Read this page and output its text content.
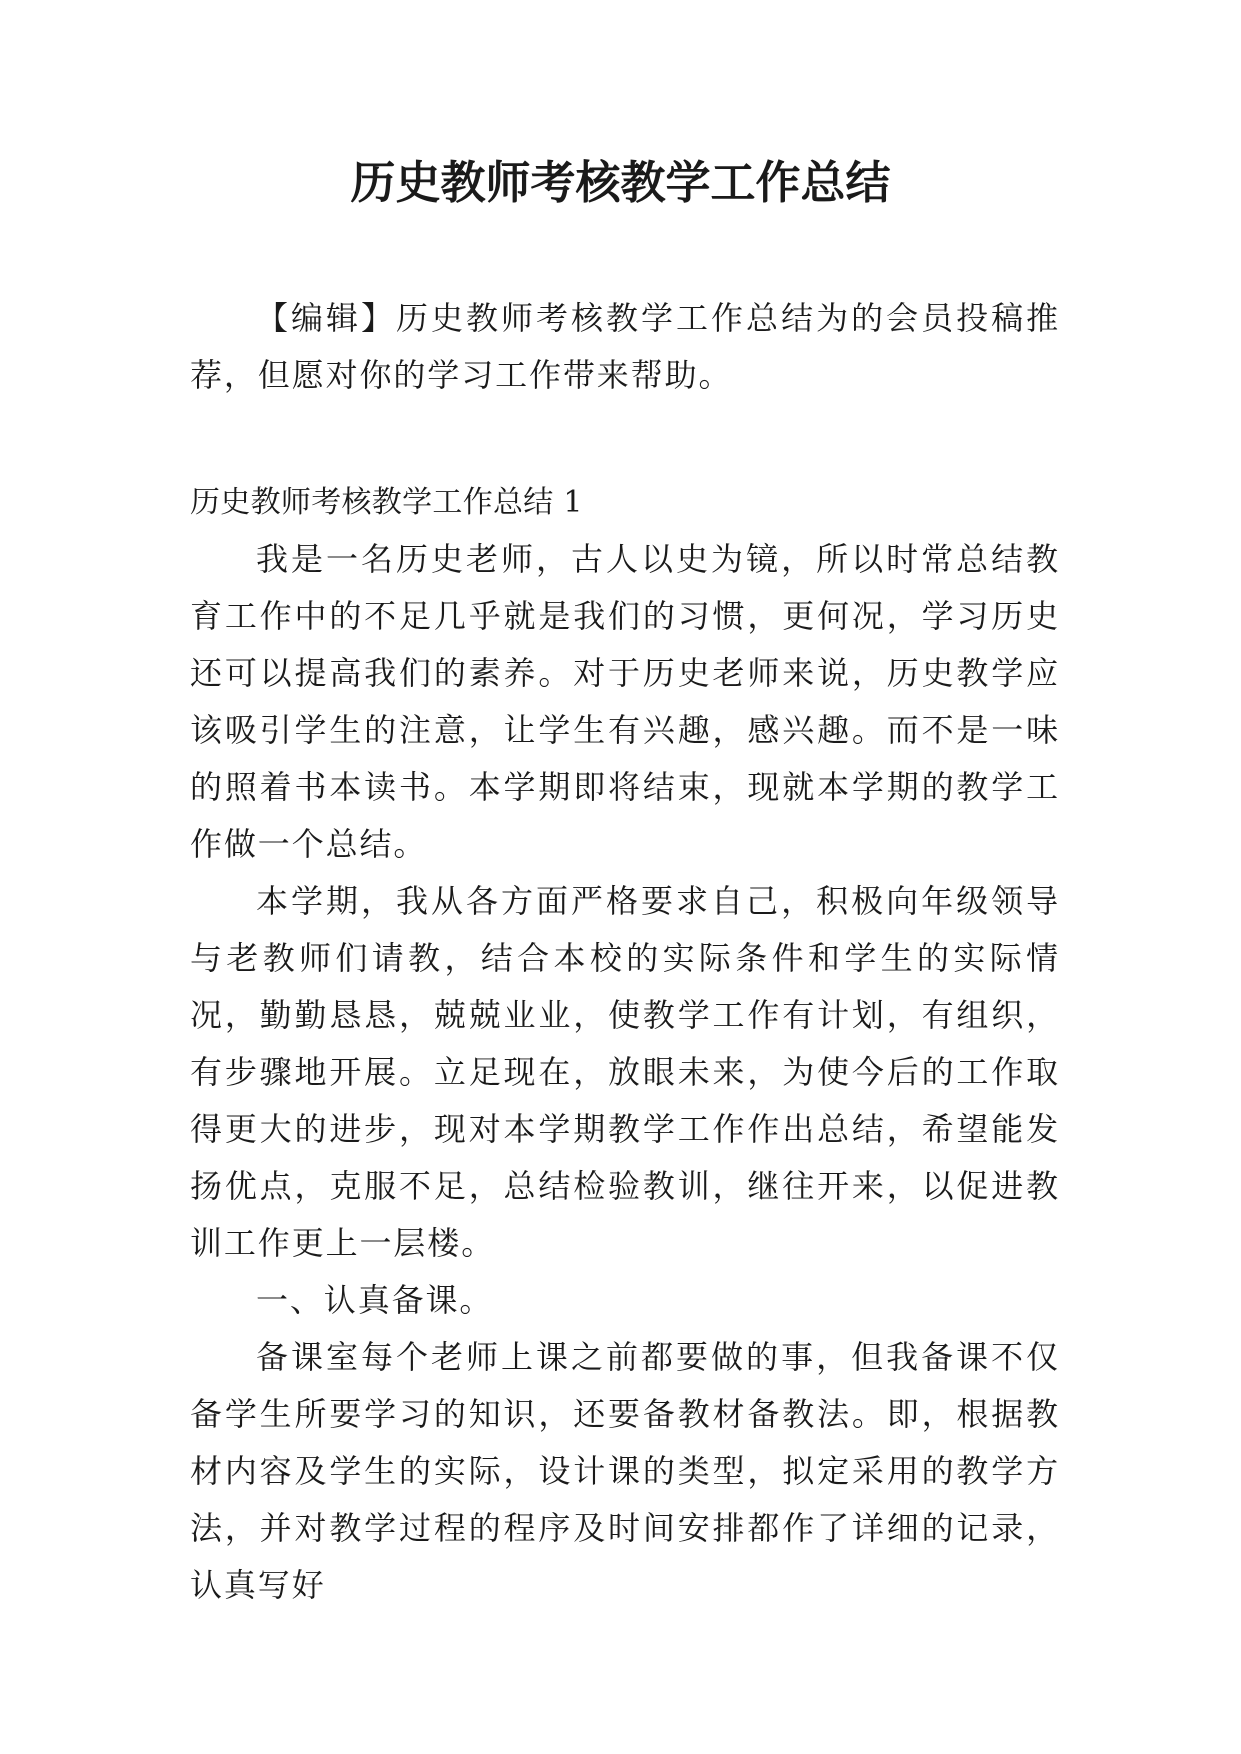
历史教师考核教学工作总结

【编辑】历史教师考核教学工作总结为的会员投稿推荐，但愿对你的学习工作带来帮助。

历史教师考核教学工作总结 1

我是一名历史老师，古人以史为镜，所以时常总结教育工作中的不足几乎就是我们的习惯，更何况，学习历史还可以提高我们的素养。对于历史老师来说，历史教学应该吸引学生的注意，让学生有兴趣，感兴趣。而不是一味的照着书本读书。本学期即将结束，现就本学期的教学工作做一个总结。

本学期，我从各方面严格要求自己，积极向年级领导与老教师们请教，结合本校的实际条件和学生的实际情况，勤勤恳恳，兢兢业业，使教学工作有计划，有组织，有步骤地开展。立足现在，放眼未来，为使今后的工作取得更大的进步，现对本学期教学工作作出总结，希望能发扬优点，克服不足，总结检验教训，继往开来，以促进教训工作更上一层楼。

一、认真备课。

备课室每个老师上课之前都要做的事，但我备课不仅备学生所要学习的知识，还要备教材备教法。即，根据教材内容及学生的实际，设计课的类型，拟定采用的教学方法，并对教学过程的程序及时间安排都作了详细的记录，认真写好
